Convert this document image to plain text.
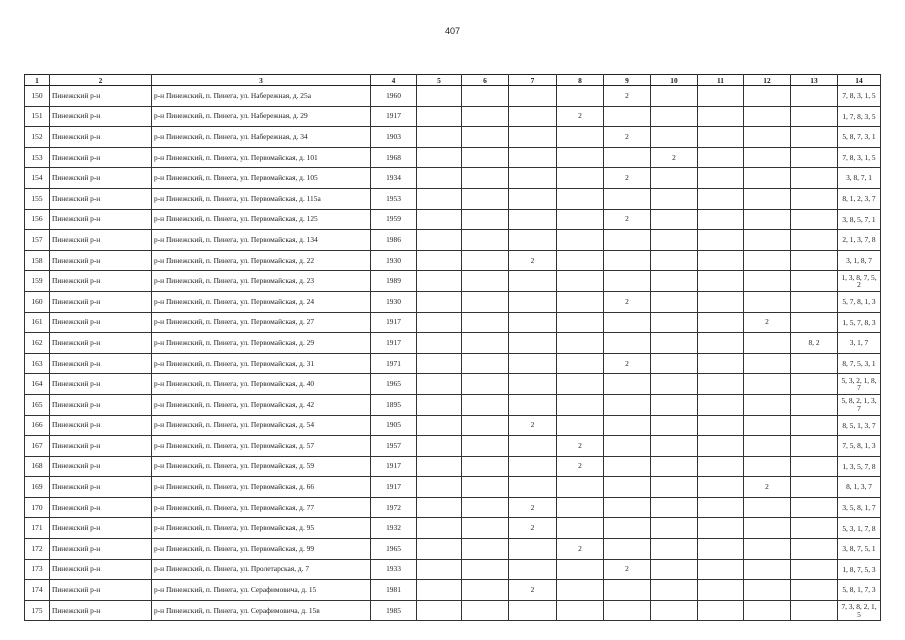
407
1	2	3	4	5	6	7	8	9	10	11	12	13	14
150	Пинежский р-н	р-н Пинежский, п. Пинега, ул. Набережная, д. 25а	1960					2					7, 8, 3, 1, 5
151	Пинежский р-н	р-н Пинежский, п. Пинега, ул. Набережная, д. 29	1917				2						1, 7, 8, 3, 5
152	Пинежский р-н	р-н Пинежский, п. Пинега, ул. Набережная, д. 34	1903					2					5, 8, 7, 3, 1
153	Пинежский р-н	р-н Пинежский, п. Пинега, ул. Первомайская, д. 101	1968						2				7, 8, 3, 1, 5
154	Пинежский р-н	р-н Пинежский, п. Пинега, ул. Первомайская, д. 105	1934					2					3, 8, 7, 1
155	Пинежский р-н	р-н Пинежский, п. Пинега, ул. Первомайская, д. 115а	1953										8, 1, 2, 3, 7
156	Пинежский р-н	р-н Пинежский, п. Пинега, ул. Первомайская, д. 125	1959					2					3, 8, 5, 7, 1
157	Пинежский р-н	р-н Пинежский, п. Пинега, ул. Первомайская, д. 134	1986										2, 1, 3, 7, 8
158	Пинежский р-н	р-н Пинежский, п. Пинега, ул. Первомайская, д. 22	1930			2							3, 1, 8, 7
159	Пинежский р-н	р-н Пинежский, п. Пинега, ул. Первомайская, д. 23	1989										1, 3, 8, 7, 5, 2
160	Пинежский р-н	р-н Пинежский, п. Пинега, ул. Первомайская, д. 24	1930					2					5, 7, 8, 1, 3
161	Пинежский р-н	р-н Пинежский, п. Пинега, ул. Первомайская, д. 27	1917								2		1, 5, 7, 8, 3
162	Пинежский р-н	р-н Пинежский, п. Пинега, ул. Первомайская, д. 29	1917									8, 2	3, 1, 7
163	Пинежский р-н	р-н Пинежский, п. Пинега, ул. Первомайская, д. 31	1971					2					8, 7, 5, 3, 1
164	Пинежский р-н	р-н Пинежский, п. Пинега, ул. Первомайская, д. 40	1965										5, 3, 2, 1, 8, 7
165	Пинежский р-н	р-н Пинежский, п. Пинега, ул. Первомайская, д. 42	1895										5, 8, 2, 1, 3, 7
166	Пинежский р-н	р-н Пинежский, п. Пинега, ул. Первомайская, д. 54	1905			2							8, 5, 1, 3, 7
167	Пинежский р-н	р-н Пинежский, п. Пинега, ул. Первомайская, д. 57	1957				2						7, 5, 8, 1, 3
168	Пинежский р-н	р-н Пинежский, п. Пинега, ул. Первомайская, д. 59	1917				2						1, 3, 5, 7, 8
169	Пинежский р-н	р-н Пинежский, п. Пинега, ул. Первомайская, д. 66	1917								2		8, 1, 3, 7
170	Пинежский р-н	р-н Пинежский, п. Пинега, ул. Первомайская, д. 77	1972			2							3, 5, 8, 1, 7
171	Пинежский р-н	р-н Пинежский, п. Пинега, ул. Первомайская, д. 95	1932			2							5, 3, 1, 7, 8
172	Пинежский р-н	р-н Пинежский, п. Пинега, ул. Первомайская, д. 99	1965				2						3, 8, 7, 5, 1
173	Пинежский р-н	р-н Пинежский, п. Пинега, ул. Пролетарская, д. 7	1933					2					1, 8, 7, 5, 3
174	Пинежский р-н	р-н Пинежский, п. Пинега, ул. Серафимовича, д. 15	1981			2							5, 8, 1, 7, 3
175	Пинежский р-н	р-н Пинежский, п. Пинега, ул. Серафимовича, д. 15в	1985										7, 3, 8, 2, 1, 5
